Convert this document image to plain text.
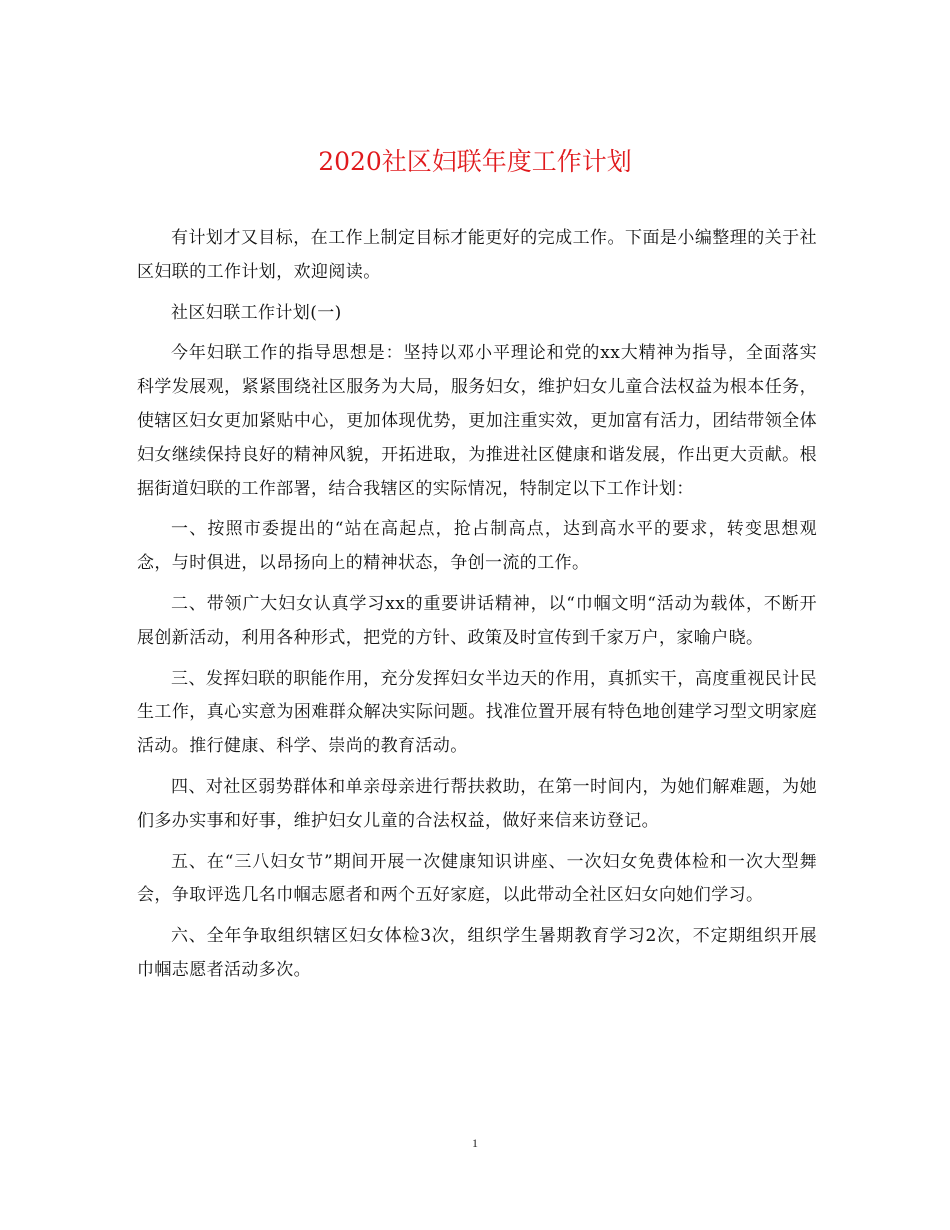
2020社区妇联年度工作计划

有计划才又目标，在工作上制定目标才能更好的完成工作。下面是小编整理的关于社区妇联的工作计划，欢迎阅读。

社区妇联工作计划(一)

今年妇联工作的指导思想是：坚持以邓小平理论和党的xx大精神为指导，全面落实科学发展观，紧紧围绕社区服务为大局，服务妇女，维护妇女儿童合法权益为根本任务，使辖区妇女更加紧贴中心，更加体现优势，更加注重实效，更加富有活力，团结带领全体妇女继续保持良好的精神风貌，开拓进取，为推进社区健康和谐发展，作出更大贡献。根据街道妇联的工作部署，结合我辖区的实际情况，特制定以下工作计划：

一、按照市委提出的“站在高起点，抢占制高点，达到高水平的要求，转变思想观念，与时俱进，以昂扬向上的精神状态，争创一流的工作。

二、带领广大妇女认真学习xx的重要讲话精神，以“巾帼文明“活动为载体，不断开展创新活动，利用各种形式，把党的方针、政策及时宣传到千家万户，家喻户晓。

三、发挥妇联的职能作用，充分发挥妇女半边天的作用，真抓实干，高度重视民计民生工作，真心实意为困难群众解决实际问题。找准位置开展有特色地创建学习型文明家庭活动。推行健康、科学、崇尚的教育活动。

四、对社区弱势群体和单亲母亲进行帮扶救助，在第一时间内，为她们解难题，为她们多办实事和好事，维护妇女儿童的合法权益，做好来信来访登记。

五、在“三八妇女节”期间开展一次健康知识讲座、一次妇女免费体检和一次大型舞会，争取评选几名巾帼志愿者和两个五好家庭，以此带动全社区妇女向她们学习。

六、全年争取组织辖区妇女体检3次，组织学生暑期教育学习2次，不定期组织开展巾帼志愿者活动多次。

1
